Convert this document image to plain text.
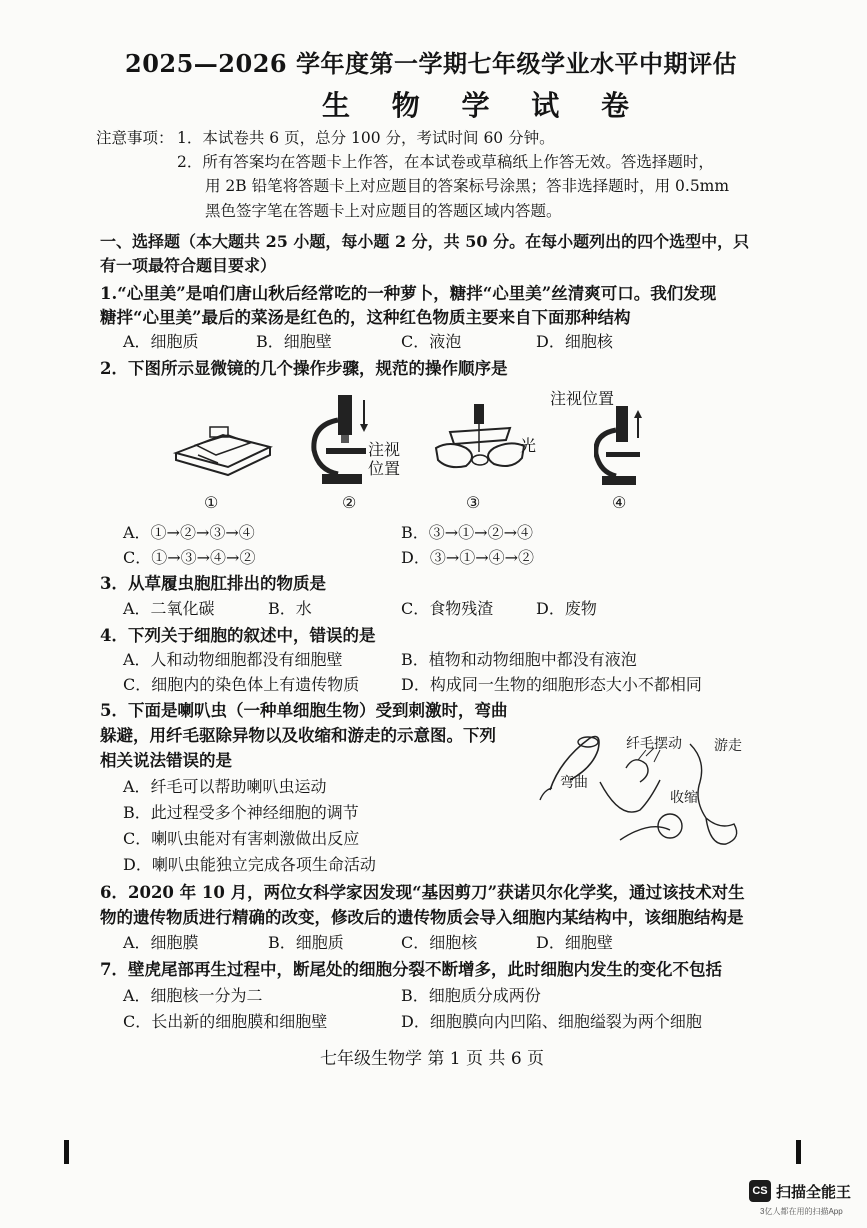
2025—2026 学年度第一学期七年级学业水平中期评估
生 物 学 试 卷
注意事项： 1．本试卷共 6 页，总分 100 分，考试时间 60 分钟。
2．所有答案均在答题卡上作答，在本试卷或草稿纸上作答无效。答选择题时，
用 2B 铅笔将答题卡上对应题目的答案标号涂黑；答非选择题时，用 0.5mm
黑色签字笔在答题卡上对应题目的答题区域内答题。
一、选择题（本大题共 25 小题，每小题 2 分，共 50 分。在每小题列出的四个选型中，只
有一项最符合题目要求）
1.“心里美”是咱们唐山秋后经常吃的一种萝卜，糖拌“心里美”丝清爽可口。我们发现
糖拌“心里美”最后的菜汤是红色的，这种红色物质主要来自下面那种结构
A．细胞质	B．细胞壁	C．液泡	D．细胞核
2．下图所示显微镜的几个操作步骤，规范的操作顺序是
①
注视
位置
②
光
③
注视位置
④
A．①→②→③→④	B．③→①→②→④
C．①→③→④→②	D．③→①→④→②
3．从草履虫胞肛排出的物质是
A．二氧化碳	B．水	C．食物残渣	D．废物
4．下列关于细胞的叙述中，错误的是
A．人和动物细胞都没有细胞壁	B．植物和动物细胞中都没有液泡
C．细胞内的染色体上有遗传物质	D．构成同一生物的细胞形态大小不都相同
5．下面是喇叭虫（一种单细胞生物）受到刺激时，弯曲
躲避，用纤毛驱除异物以及收缩和游走的示意图。下列
相关说法错误的是
A．纤毛可以帮助喇叭虫运动
B．此过程受多个神经细胞的调节
C．喇叭虫能对有害刺激做出反应
D．喇叭虫能独立完成各项生命活动
纤毛摆动 游走
弯曲
收缩
6．2020 年 10 月，两位女科学家因发现“基因剪刀”获诺贝尔化学奖，通过该技术对生
物的遗传物质进行精确的改变，修改后的遗传物质会导入细胞内某结构中，该细胞结构是
A．细胞膜	B．细胞质	C．细胞核	D．细胞壁
7．壁虎尾部再生过程中，断尾处的细胞分裂不断增多，此时细胞内发生的变化不包括
A．细胞核一分为二	B．细胞质分成两份
C．长出新的细胞膜和细胞壁	D．细胞膜向内凹陷、细胞缢裂为两个细胞
七年级生物学 第 1 页 共 6 页
CS 扫描全能王
3亿人都在用的扫描App
